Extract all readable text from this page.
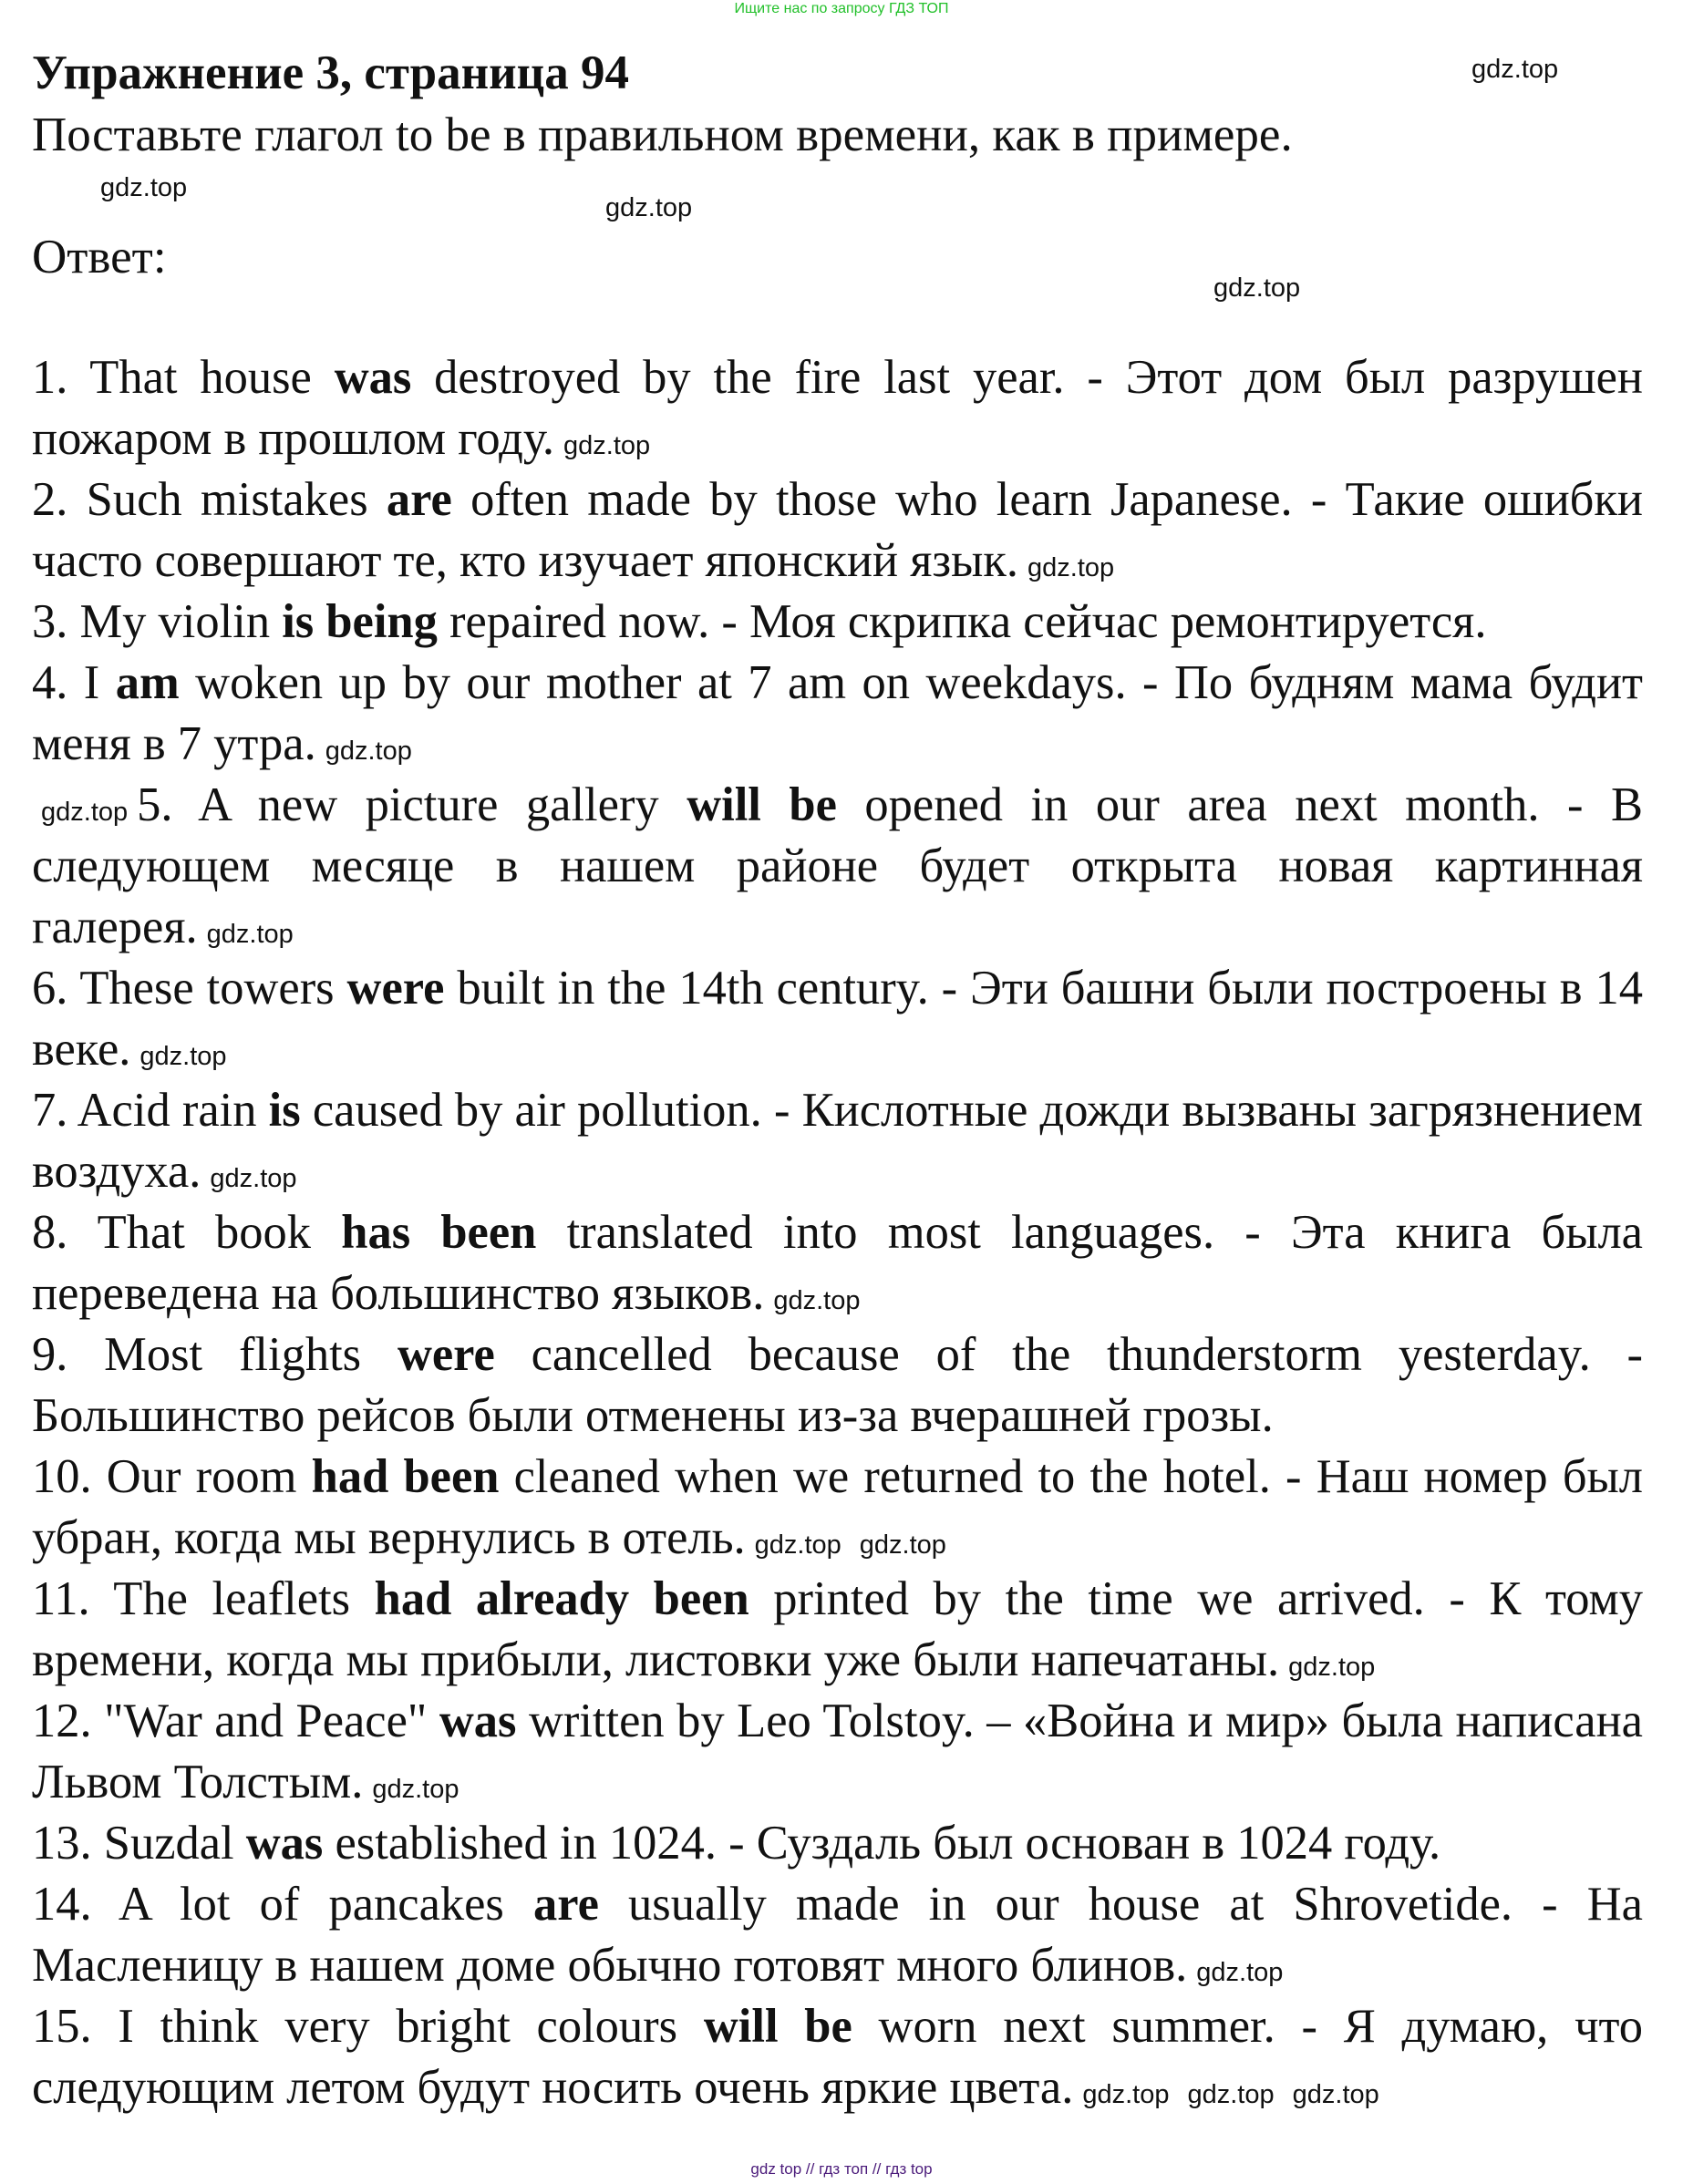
Ищите нас по запросу ГДЗ ТОП
Упражнение 3, страница 94
Поставьте глагол to be в правильном времени, как в примере.
Ответ:

1. That house was destroyed by the fire last year. - Этот дом был разрушен пожаром в прошлом году. gdz.top

2. Such mistakes are often made by those who learn Japanese. - Такие ошибки часто совершают те, кто изучает японский язык. gdz.top

3. My violin is being repaired now. - Моя скрипка сейчас ремонтируется.

4. I am woken up by our mother at 7 am on weekdays. - По будням мама будит меня в 7 утра. gdz.top

gdz.top 5. A new picture gallery will be opened in our area next month. - В следующем месяце в нашем районе будет открыта новая картинная галерея. gdz.top

6. These towers were built in the 14th century. - Эти башни были построены в 14 веке. gdz.top

7. Acid rain is caused by air pollution. - Кислотные дожди вызваны загрязнением воздуха. gdz.top

8. That book has been translated into most languages. - Эта книга была переведена на большинство языков. gdz.top

9. Most flights were cancelled because of the thunderstorm yesterday. - Большинство рейсов были отменены из-за вчерашней грозы.

10. Our room had been cleaned when we returned to the hotel. - Наш номер был убран, когда мы вернулись в отель. gdz.top gdz.top

11. The leaflets had already been printed by the time we arrived. - К тому времени, когда мы прибыли, листовки уже были напечатаны. gdz.top

12. "War and Peace" was written by Leo Tolstoy. – «Война и мир» была написана Львом Толстым. gdz.top

13. Suzdal was established in 1024. - Суздаль был основан в 1024 году.

14. A lot of pancakes are usually made in our house at Shrovetide. - На Масленицу в нашем доме обычно готовят много блинов. gdz.top

15. I think very bright colours will be worn next summer. - Я думаю, что следующим летом будут носить очень яркие цвета. gdz.top gdz.top gdz.top

gdz.top
gdz.top
gdz.top
gdz.top
gdz top // гдз топ // гдз top
